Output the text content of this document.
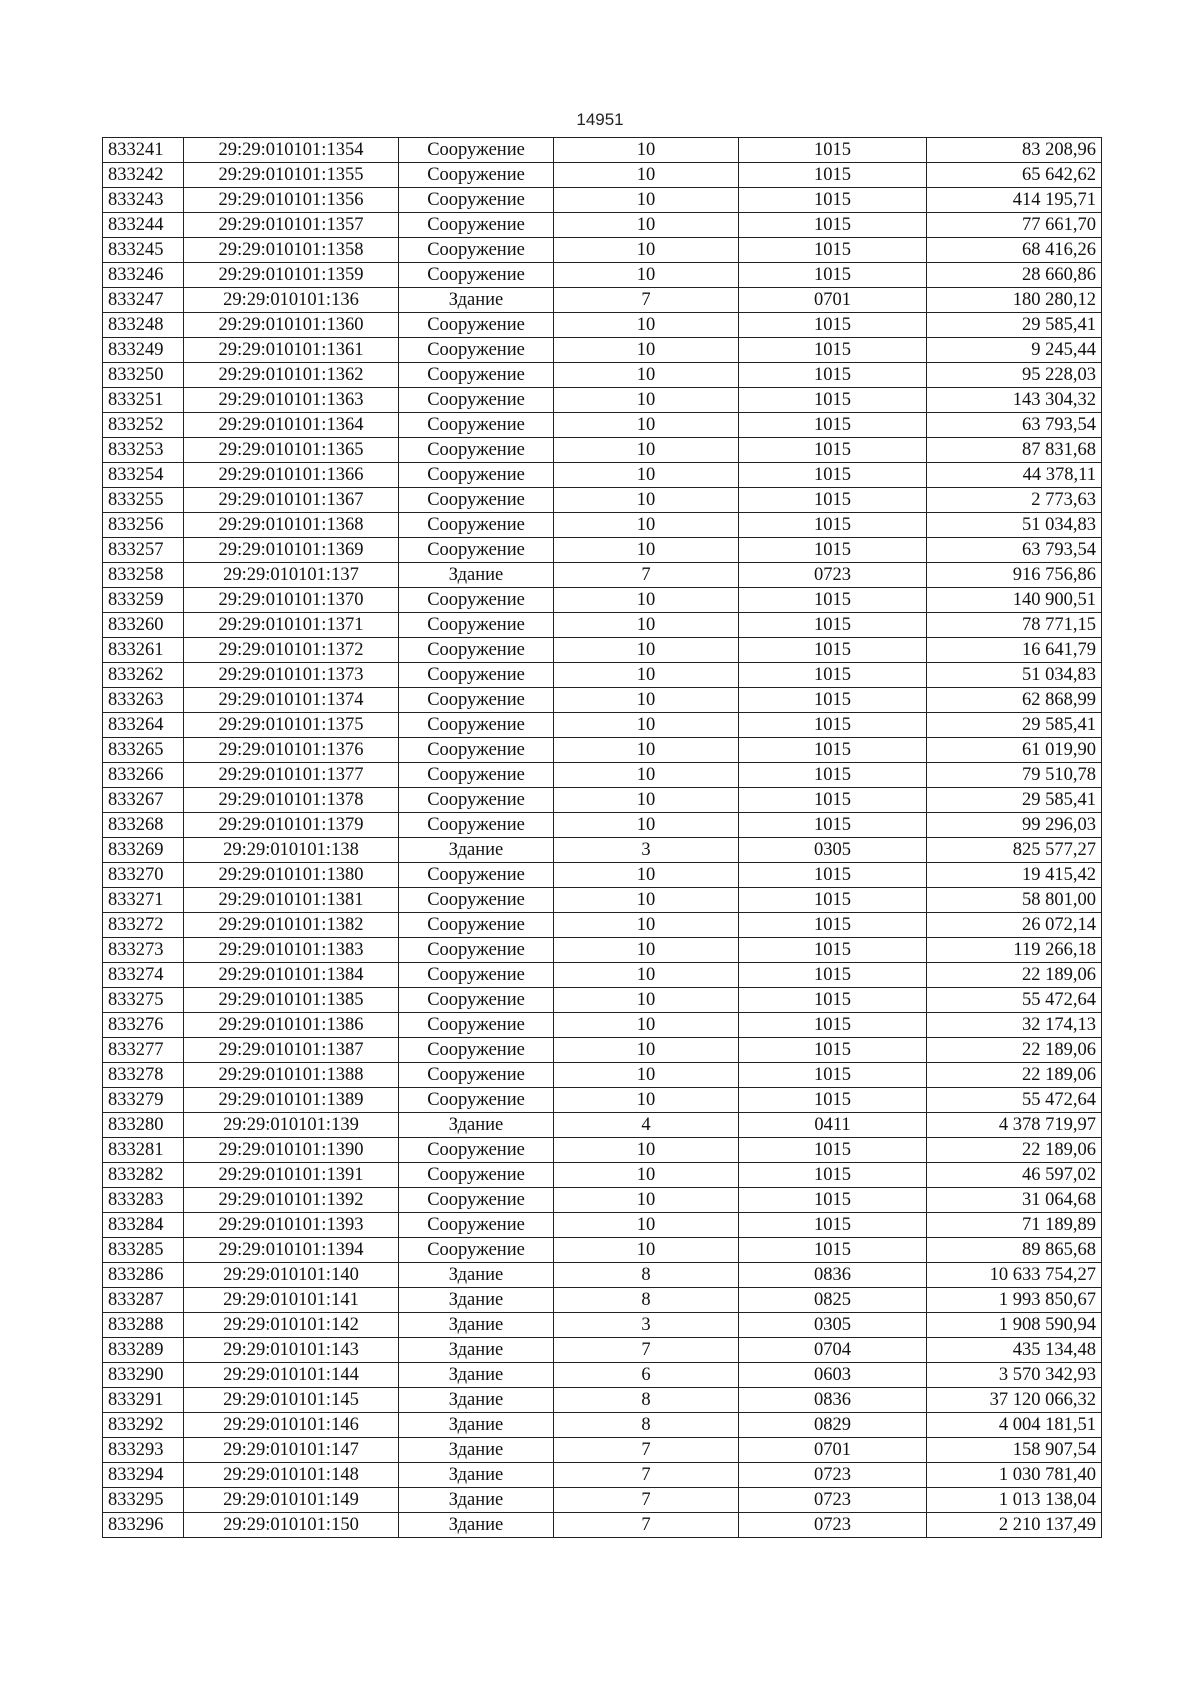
14951
833241	29:29:010101:1354	Сооружение	10	1015	83 208,96
833242	29:29:010101:1355	Сооружение	10	1015	65 642,62
833243	29:29:010101:1356	Сооружение	10	1015	414 195,71
833244	29:29:010101:1357	Сооружение	10	1015	77 661,70
833245	29:29:010101:1358	Сооружение	10	1015	68 416,26
833246	29:29:010101:1359	Сооружение	10	1015	28 660,86
833247	29:29:010101:136	Здание	7	0701	180 280,12
833248	29:29:010101:1360	Сооружение	10	1015	29 585,41
833249	29:29:010101:1361	Сооружение	10	1015	9 245,44
833250	29:29:010101:1362	Сооружение	10	1015	95 228,03
833251	29:29:010101:1363	Сооружение	10	1015	143 304,32
833252	29:29:010101:1364	Сооружение	10	1015	63 793,54
833253	29:29:010101:1365	Сооружение	10	1015	87 831,68
833254	29:29:010101:1366	Сооружение	10	1015	44 378,11
833255	29:29:010101:1367	Сооружение	10	1015	2 773,63
833256	29:29:010101:1368	Сооружение	10	1015	51 034,83
833257	29:29:010101:1369	Сооружение	10	1015	63 793,54
833258	29:29:010101:137	Здание	7	0723	916 756,86
833259	29:29:010101:1370	Сооружение	10	1015	140 900,51
833260	29:29:010101:1371	Сооружение	10	1015	78 771,15
833261	29:29:010101:1372	Сооружение	10	1015	16 641,79
833262	29:29:010101:1373	Сооружение	10	1015	51 034,83
833263	29:29:010101:1374	Сооружение	10	1015	62 868,99
833264	29:29:010101:1375	Сооружение	10	1015	29 585,41
833265	29:29:010101:1376	Сооружение	10	1015	61 019,90
833266	29:29:010101:1377	Сооружение	10	1015	79 510,78
833267	29:29:010101:1378	Сооружение	10	1015	29 585,41
833268	29:29:010101:1379	Сооружение	10	1015	99 296,03
833269	29:29:010101:138	Здание	3	0305	825 577,27
833270	29:29:010101:1380	Сооружение	10	1015	19 415,42
833271	29:29:010101:1381	Сооружение	10	1015	58 801,00
833272	29:29:010101:1382	Сооружение	10	1015	26 072,14
833273	29:29:010101:1383	Сооружение	10	1015	119 266,18
833274	29:29:010101:1384	Сооружение	10	1015	22 189,06
833275	29:29:010101:1385	Сооружение	10	1015	55 472,64
833276	29:29:010101:1386	Сооружение	10	1015	32 174,13
833277	29:29:010101:1387	Сооружение	10	1015	22 189,06
833278	29:29:010101:1388	Сооружение	10	1015	22 189,06
833279	29:29:010101:1389	Сооружение	10	1015	55 472,64
833280	29:29:010101:139	Здание	4	0411	4 378 719,97
833281	29:29:010101:1390	Сооружение	10	1015	22 189,06
833282	29:29:010101:1391	Сооружение	10	1015	46 597,02
833283	29:29:010101:1392	Сооружение	10	1015	31 064,68
833284	29:29:010101:1393	Сооружение	10	1015	71 189,89
833285	29:29:010101:1394	Сооружение	10	1015	89 865,68
833286	29:29:010101:140	Здание	8	0836	10 633 754,27
833287	29:29:010101:141	Здание	8	0825	1 993 850,67
833288	29:29:010101:142	Здание	3	0305	1 908 590,94
833289	29:29:010101:143	Здание	7	0704	435 134,48
833290	29:29:010101:144	Здание	6	0603	3 570 342,93
833291	29:29:010101:145	Здание	8	0836	37 120 066,32
833292	29:29:010101:146	Здание	8	0829	4 004 181,51
833293	29:29:010101:147	Здание	7	0701	158 907,54
833294	29:29:010101:148	Здание	7	0723	1 030 781,40
833295	29:29:010101:149	Здание	7	0723	1 013 138,04
833296	29:29:010101:150	Здание	7	0723	2 210 137,49
